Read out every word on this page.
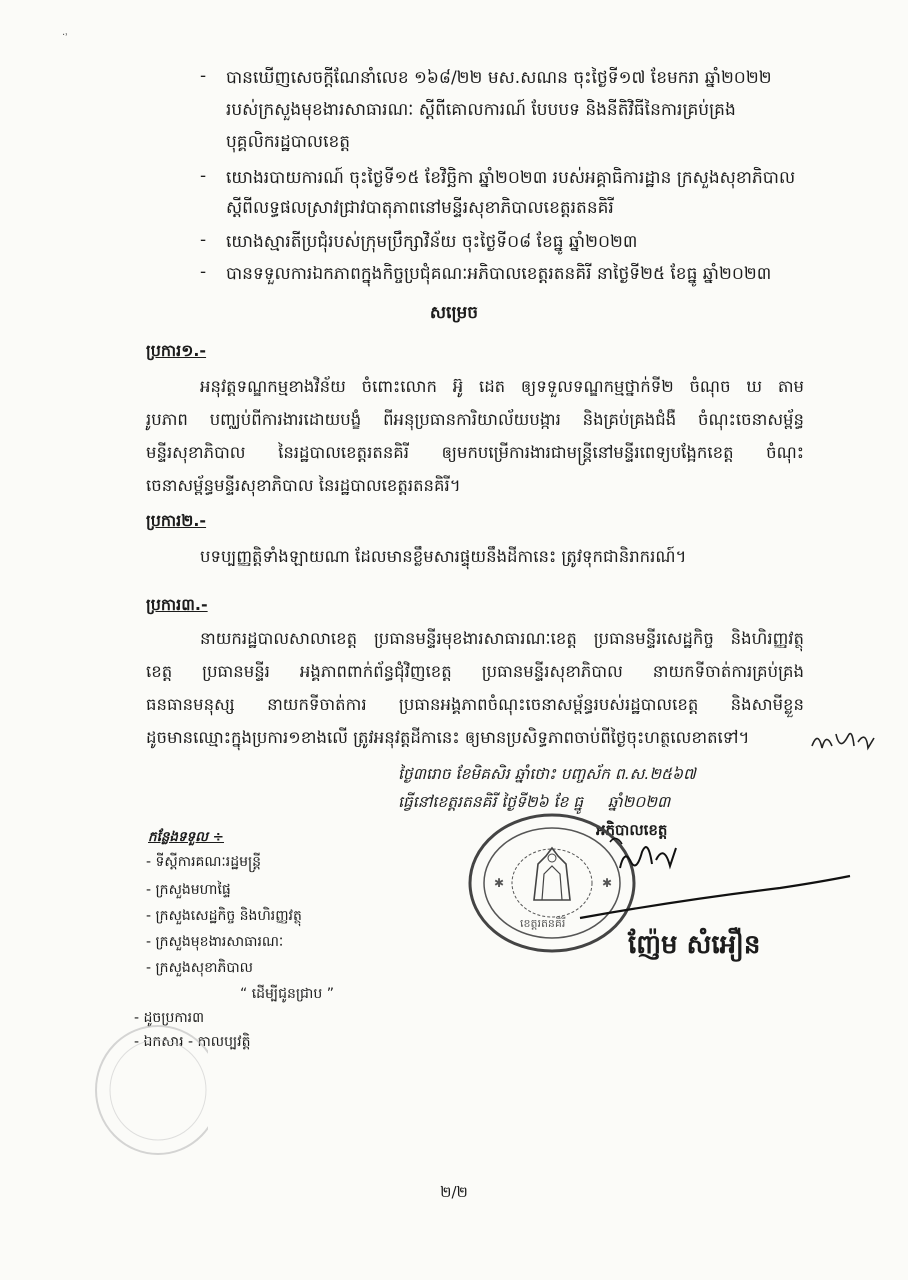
- បានឃើញសេចក្តីណែនាំលេខ ១៦៨/២២ មស.សណន ចុះថ្ងៃទី១៧ ខែមករា ឆ្នាំ២០២២
របស់ក្រសួងមុខងារសាធារណៈ ស្តីពីគោលការណ៍ បែបបទ និងនីតិវិធីនៃការគ្រប់គ្រង
បុគ្គលិករដ្ឋបាលខេត្ត
- យោងរបាយការណ៍ ចុះថ្ងៃទី១៥ ខែវិច្ឆិកា ឆ្នាំ២០២៣ របស់អគ្គាធិការដ្ឋាន ក្រសួងសុខាភិបាល
ស្តីពីលទ្ធផលស្រាវជ្រាវបាតុភាពនៅមន្ទីរសុខាភិបាលខេត្តរតនគិរី
- យោងស្មារតីប្រជុំរបស់ក្រុមប្រឹក្សាវិន័យ ចុះថ្ងៃទី០៨ ខែធ្នូ ឆ្នាំ២០២៣
- បានទទួលការឯកភាពក្នុងកិច្ចប្រជុំគណៈអភិបាលខេត្តរតនគិរី នាថ្ងៃទី២៥ ខែធ្នូ ឆ្នាំ២០២៣
សម្រេច
ប្រការ១.-
អនុវត្តទណ្ឌកម្មខាងវិន័យ ចំពោះលោក អ៊ូ ដេត ឲ្យទទួលទណ្ឌកម្មថ្នាក់ទី២ ចំណុច ឃ តាម
រូបភាព បញ្ឈប់ពីការងារដោយបង្ខំ ពីអនុប្រធានការិយាល័យបង្ការ និងគ្រប់គ្រងជំងឺ ចំណុះចេនាសម្ព័ន្ធ
មន្ទីរសុខាភិបាល នៃរដ្ឋបាលខេត្តរតនគិរី ឲ្យមកបម្រើការងារជាមន្ត្រីនៅមន្ទីរពេទ្យបង្អែកខេត្ត ចំណុះ
ចេនាសម្ព័ន្ធមន្ទីរសុខាភិបាល នៃរដ្ឋបាលខេត្តរតនគិរី។
ប្រការ២.-
បទប្បញ្ញត្តិទាំងឡាយណា ដែលមានខ្លឹមសារផ្ទុយនឹងដីកានេះ ត្រូវទុកជានិរាករណ៍។
ប្រការ៣.-
នាយករដ្ឋបាលសាលាខេត្ត ប្រធានមន្ទីរមុខងារសាធារណៈខេត្ត ប្រធានមន្ទីរសេដ្ឋកិច្ច និងហិរញ្ញវត្ថុ
ខេត្ត ប្រធានមន្ទីរ អង្គភាពពាក់ព័ន្ធជុំវិញខេត្ត ប្រធានមន្ទីរសុខាភិបាល នាយកទីចាត់ការគ្រប់គ្រង
ធនធានមនុស្ស នាយកទីចាត់ការ ប្រធានអង្គភាពចំណុះចេនាសម្ព័ន្ធរបស់រដ្ឋបាលខេត្ត និងសាមីខ្លួន
ដូចមានឈ្មោះក្នុងប្រការ១ខាងលើ ត្រូវអនុវត្តដីកានេះ ឲ្យមានប្រសិទ្ធភាពចាប់ពីថ្ងៃចុះហត្ថលេខាតទៅ។
ថ្ងៃ៣រោច ខែមិគសិរ ឆ្នាំថោះ បញ្ចស័ក ព.ស.២៥៦៧
ធ្វើនៅខេត្តរតនគិរី ថ្ងៃទី២៦ ខែ ធ្នូ ឆ្នាំ២០២៣
អភិបាលខេត្ត
✱	✱
ខេត្តរតនគិរី
ញ៉ែម សំអឿន
កន្លែងទទួល ÷
- ទីស្តីការគណៈរដ្ឋមន្ត្រី
- ក្រសួងមហាផ្ទៃ
- ក្រសួងសេដ្ឋកិច្ច និងហិរញ្ញវត្ថុ
- ក្រសួងមុខងារសាធារណៈ
- ក្រសួងសុខាភិបាល
“ ដើម្បីជូនជ្រាប ”
- ដូចប្រការ៣
- ឯកសារ - កាលប្បវត្តិ
·˒
២/២
